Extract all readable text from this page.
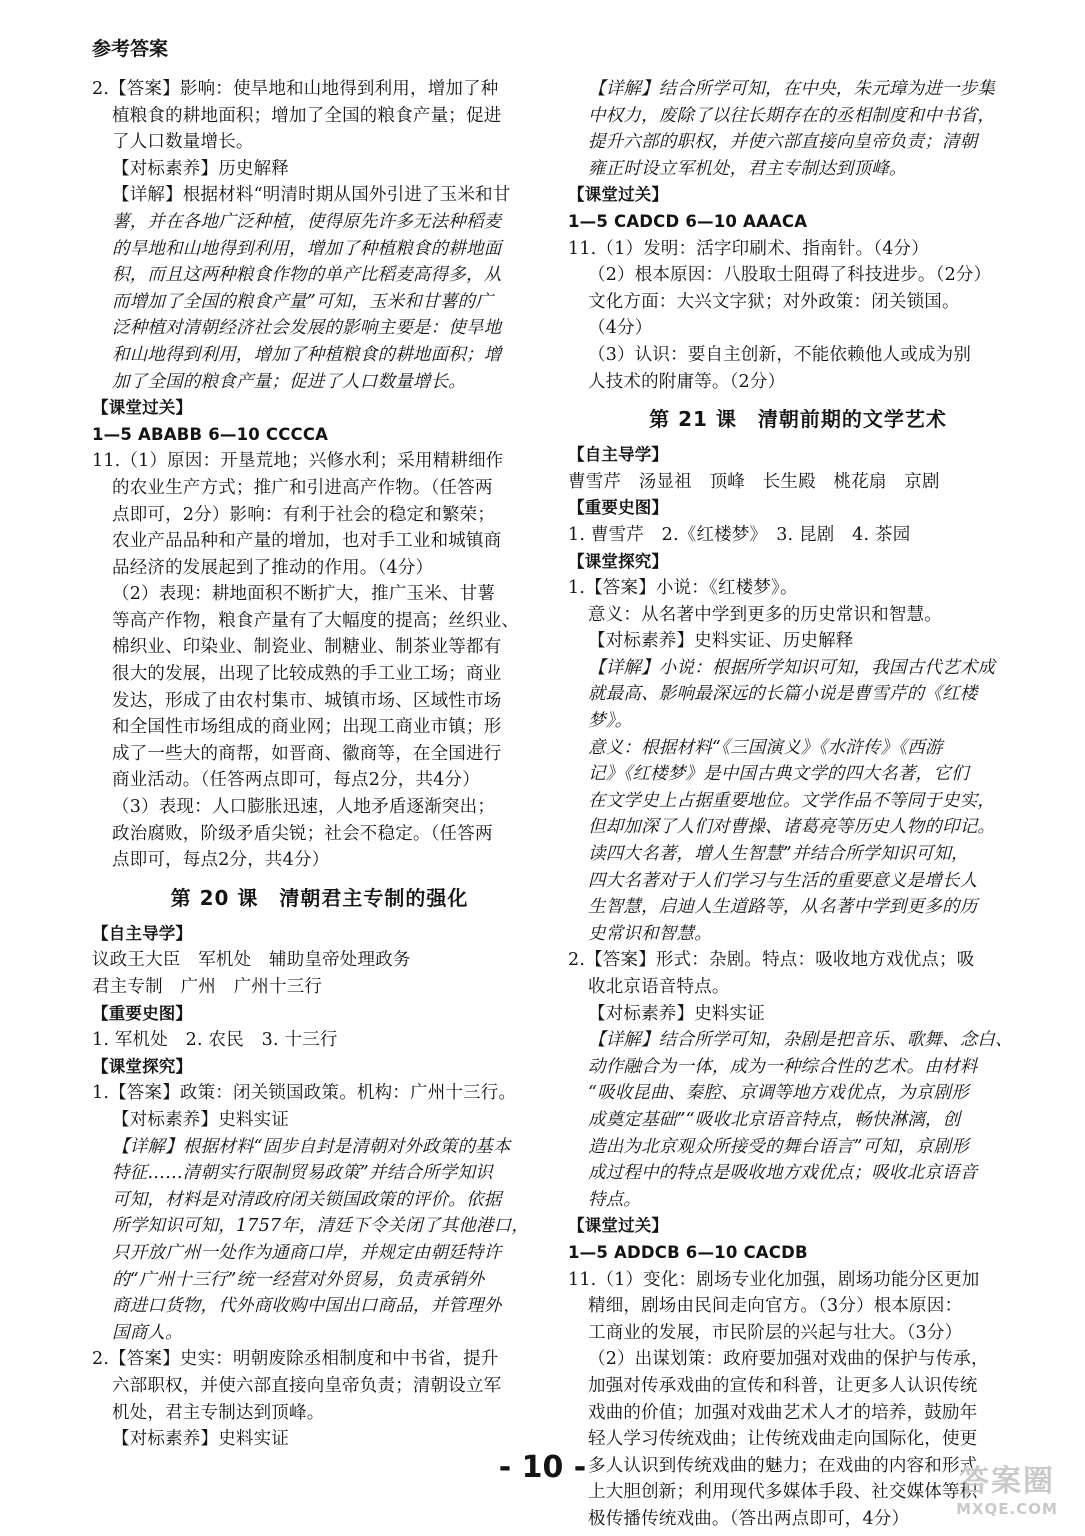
参考答案
2.【答案】影响：使旱地和山地得到利用，增加了种
植粮食的耕地面积；增加了全国的粮食产量；促进
了人口数量增长。
【对标素养】历史解释
【详解】根据材料“明清时期从国外引进了玉米和甘
薯，并在各地广泛种植，使得原先许多无法种稻麦
的旱地和山地得到利用，增加了种植粮食的耕地面
积，而且这两种粮食作物的单产比稻麦高得多，从
而增加了全国的粮食产量”可知，玉米和甘薯的广
泛种植对清朝经济社会发展的影响主要是：使旱地
和山地得到利用，增加了种植粮食的耕地面积；增
加了全国的粮食产量；促进了人口数量增长。
【课堂过关】
1—5 ABABB 6—10 CCCCA
11.（1）原因：开垦荒地；兴修水利；采用精耕细作
的农业生产方式；推广和引进高产作物。（任答两
点即可，2分）影响：有利于社会的稳定和繁荣；
农业产品品种和产量的增加，也对手工业和城镇商
品经济的发展起到了推动的作用。（4分）
（2）表现：耕地面积不断扩大，推广玉米、甘薯
等高产作物，粮食产量有了大幅度的提高；丝织业、
棉织业、印染业、制瓷业、制糖业、制茶业等都有
很大的发展，出现了比较成熟的手工业工场；商业
发达，形成了由农村集市、城镇市场、区域性市场
和全国性市场组成的商业网；出现工商业市镇；形
成了一些大的商帮，如晋商、徽商等，在全国进行
商业活动。（任答两点即可，每点2分，共4分）
（3）表现：人口膨胀迅速，人地矛盾逐渐突出；
政治腐败，阶级矛盾尖锐；社会不稳定。（任答两
点即可，每点2分，共4分）
第 20 课　清朝君主专制的强化
【自主导学】
议政王大臣　军机处　辅助皇帝处理政务
君主专制　广州　广州十三行
【重要史图】
1. 军机处　2. 农民　3. 十三行
【课堂探究】
1.【答案】政策：闭关锁国政策。机构：广州十三行。
【对标素养】史料实证
【详解】根据材料“固步自封是清朝对外政策的基本
特征……清朝实行限制贸易政策”并结合所学知识
可知，材料是对清政府闭关锁国政策的评价。依据
所学知识可知，1757年，清廷下令关闭了其他港口，
只开放广州一处作为通商口岸，并规定由朝廷特许
的“广州十三行”统一经营对外贸易，负责承销外
商进口货物，代外商收购中国出口商品，并管理外
国商人。
2.【答案】史实：明朝废除丞相制度和中书省，提升
六部职权，并使六部直接向皇帝负责；清朝设立军
机处，君主专制达到顶峰。
【对标素养】史料实证
【详解】结合所学可知，在中央，朱元璋为进一步集
中权力，废除了以往长期存在的丞相制度和中书省，
提升六部的职权，并使六部直接向皇帝负责；清朝
雍正时设立军机处，君主专制达到顶峰。
【课堂过关】
1—5 CADCD 6—10 AAACA
11.（1）发明：活字印刷术、指南针。（4分）
（2）根本原因：八股取士阻碍了科技进步。（2分）
文化方面：大兴文字狱；对外政策：闭关锁国。
（4分）
（3）认识：要自主创新，不能依赖他人或成为别
人技术的附庸等。（2分）
第 21 课　清朝前期的文学艺术
【自主导学】
曹雪芹　汤显祖　顶峰　长生殿　桃花扇　京剧
【重要史图】
1. 曹雪芹　2.《红楼梦》　3. 昆剧　4. 茶园
【课堂探究】
1.【答案】小说：《红楼梦》。
意义：从名著中学到更多的历史常识和智慧。
【对标素养】史料实证、历史解释
【详解】小说：根据所学知识可知，我国古代艺术成
就最高、影响最深远的长篇小说是曹雪芹的《红楼
梦》。
意义：根据材料“《三国演义》《水浒传》《西游
记》《红楼梦》是中国古典文学的四大名著，它们
在文学史上占据重要地位。文学作品不等同于史实，
但却加深了人们对曹操、诸葛亮等历史人物的印记。
读四大名著，增人生智慧”并结合所学知识可知，
四大名著对于人们学习与生活的重要意义是增长人
生智慧，启迪人生道路等，从名著中学到更多的历
史常识和智慧。
2.【答案】形式：杂剧。特点：吸收地方戏优点；吸
收北京语音特点。
【对标素养】史料实证
【详解】结合所学可知，杂剧是把音乐、歌舞、念白、
动作融合为一体，成为一种综合性的艺术。由材料
“吸收昆曲、秦腔、京调等地方戏优点，为京剧形
成奠定基础”“吸收北京语音特点，畅快淋漓，创
造出为北京观众所接受的舞台语言”可知，京剧形
成过程中的特点是吸收地方戏优点；吸收北京语音
特点。
【课堂过关】
1—5 ADDCB 6—10 CACDB
11.（1）变化：剧场专业化加强，剧场功能分区更加
精细，剧场由民间走向官方。（3分）根本原因：
工商业的发展，市民阶层的兴起与壮大。（3分）
（2）出谋划策：政府要加强对戏曲的保护与传承，
加强对传承戏曲的宣传和科普，让更多人认识传统
戏曲的价值；加强对戏曲艺术人才的培养，鼓励年
轻人学习传统戏曲；让传统戏曲走向国际化，使更
多人认识到传统戏曲的魅力；在戏曲的内容和形式
上大胆创新；利用现代多媒体手段、社交媒体等积
极传播传统戏曲。（答出两点即可，4分）
- 10 -	答案圈
MXQE.COM
